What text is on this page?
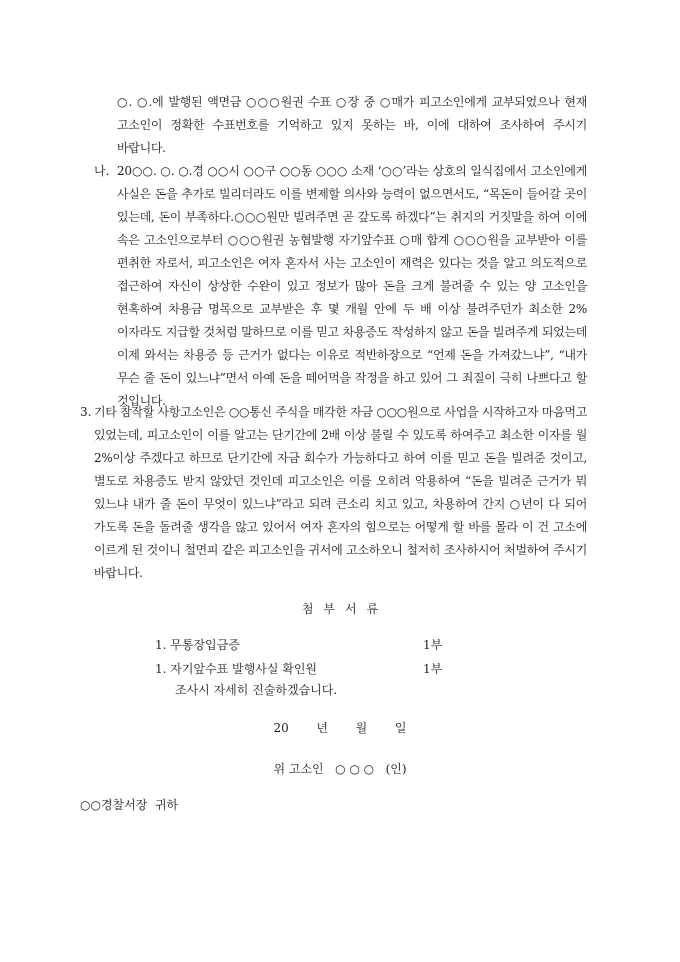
○. ○.에 발행된 액면금 ○○○원권 수표 ○장 중 ○매가 피고소인에게 교부되었으나 현재 고소인이 정확한 수표번호를 기억하고 있지 못하는 바, 이에 대하여 조사하여 주시기 바랍니다.
나. 20○○. ○. ○.경 ○○시 ○○구 ○○동 ○○○ 소재 ‘○○’라는 상호의 일식집에서 고소인에게 사실은 돈을 추가로 빌리더라도 이를 변제할 의사와 능력이 없으면서도, “목돈이 들어갈 곳이 있는데, 돈이 부족하다.○○○원만 빌려주면 곧 갚도록 하겠다”는 취지의 거짓말을 하여 이에 속은 고소인으로부터 ○○○원권 농협발행 자기앞수표 ○매 합계 ○○○원을 교부받아 이를 편취한 자로서, 피고소인은 여자 혼자서 사는 고소인이 재력은 있다는 것을 알고 의도적으로 접근하여 자신이 상상한 수완이 있고 정보가 많아 돈을 크게 불려줄 수 있는 양 고소인을 현혹하여 차용금 명목으로 교부받은 후 몇 개월 안에 두 배 이상 불려주던가 최소한 2% 이자라도 지급할 것처럼 말하므로 이를 믿고 차용증도 작성하지 않고 돈을 빌려주게 되었는데 이제 와서는 차용증 등 근거가 없다는 이유로 적반하장으로 “언제 돈을 가져갔느냐”, “내가 무슨 줄 돈이 있느냐”면서 아예 돈을 떼어먹을 작정을 하고 있어 그 죄질이 극히 나쁘다고 할 것입니다.
3. 기타 참작할 사항고소인은 ○○통신 주식을 매각한 자금 ○○○원으로 사업을 시작하고자 마음먹고 있었는데, 피고소인이 이를 알고는 단기간에 2배 이상 불릴 수 있도록 하여주고 최소한 이자를 월 2%이상 주겠다고 하므로 단기간에 자금 회수가 가능하다고 하여 이를 믿고 돈을 빌려준 것이고, 별도로 차용증도 받지 않았던 것인데 피고소인은 이를 오히려 악용하여 “돈을 빌려준 근거가 뭐 있느냐 내가 줄 돈이 무엇이 있느냐”라고 되려 큰소리 치고 있고, 차용하여 간지 ○년이 다 되어 가도록 돈을 돌려줄 생각을 않고 있어서 여자 혼자의 힘으로는 어떻게 할 바를 몰라 이 건 고소에 이르게 된 것이니 철면피 같은 피고소인을 귀서에 고소하오니 철저히 조사하시어 처벌하여 주시기 바랍니다.
첨부서류
1. 무통장입금증	1부
1. 자기앞수표 발행사실 확인원	1부
조사시 자세히 진술하겠습니다.
20  년  월  일
위 고소인   ○ ○ ○   (인)
○○경찰서장  귀하
